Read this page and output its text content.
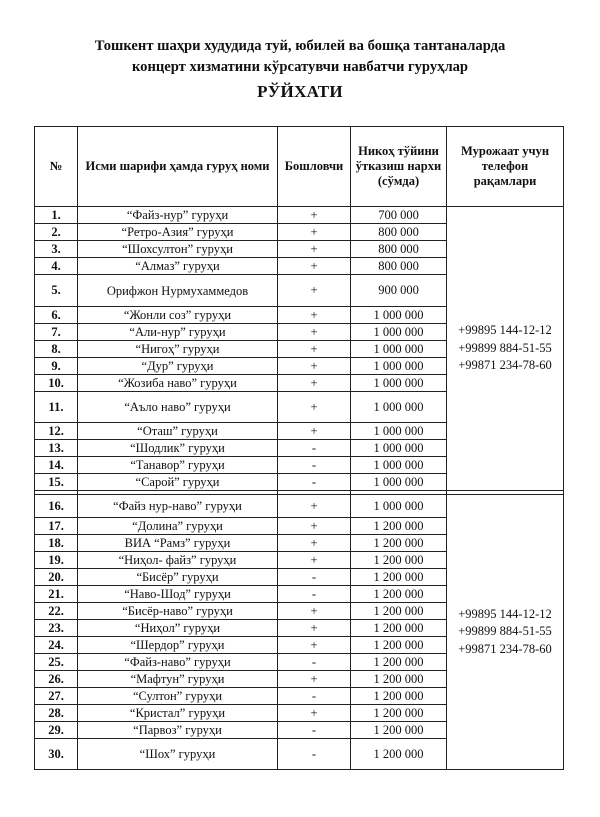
Тошкент шаҳри худудида туй, юбилей ва бошқа тантаналарда
концерт хизматини кўрсатувчи навбатчи гуруҳлар
РЎЙХАТИ
№	Исми шарифи ҳамда гуруҳ номи	Бошловчи	Никоҳ тўйини ўтказиш нархи (сўмда)	Мурожаат учун телефон рақамлари
1.	“Файз-нур” гуруҳи	+	700 000	+99895 144-12-12
+99899 884-51-55
+99871 234-78-60

2.	“Ретро-Азия” гуруҳи	+	800 000	
3.	“Шохсултон” гуруҳи	+	800 000	
4.	“Алмаз” гуруҳи	+	800 000	
5.	Орифжон Нурмухаммедов	+	900 000	
6.	“Жонли соз” гуруҳи	+	1 000 000	
7.	“Али-нур” гуруҳи	+	1 000 000	
8.	“Нигоҳ” гуруҳи	+	1 000 000	
9.	“Дур” гуруҳи	+	1 000 000	
10.	“Жозиба наво” гуруҳи	+	1 000 000	
11.	“Аъло наво” гуруҳи	+	1 000 000	
12.	“Оташ” гуруҳи	+	1 000 000	
13.	“Шодлик” гуруҳи	-	1 000 000	
14.	“Танавор” гуруҳи	-	1 000 000	
15.	“Сарой” гуруҳи	-	1 000 000	

16.	“Файз нур-наво” гуруҳи	+	1 000 000	+99895 144-12-12
+99899 884-51-55
+99871 234-78-60

17.	“Долина” гуруҳи	+	1 200 000	
18.	ВИА “Рамз” гуруҳи	+	1 200 000	
19.	“Ниҳол- файз” гуруҳи	+	1 200 000	
20.	“Бисёр” гуруҳи	-	1 200 000	
21.	“Наво-Шод” гуруҳи	-	1 200 000	
22.	“Бисёр-наво” гуруҳи	+	1 200 000	
23.	“Ниҳол” гуруҳи	+	1 200 000	
24.	“Шердор” гуруҳи	+	1 200 000	
25.	“Файз-наво” гуруҳи	-	1 200 000	
26.	“Мафтун” гуруҳи	+	1 200 000	
27.	“Султон” гуруҳи	-	1 200 000	
28.	“Кристал” гуруҳи	+	1 200 000	
29.	“Парвоз” гуруҳи	-	1 200 000	
30.	“Шох” гуруҳи	-	1 200 000	
